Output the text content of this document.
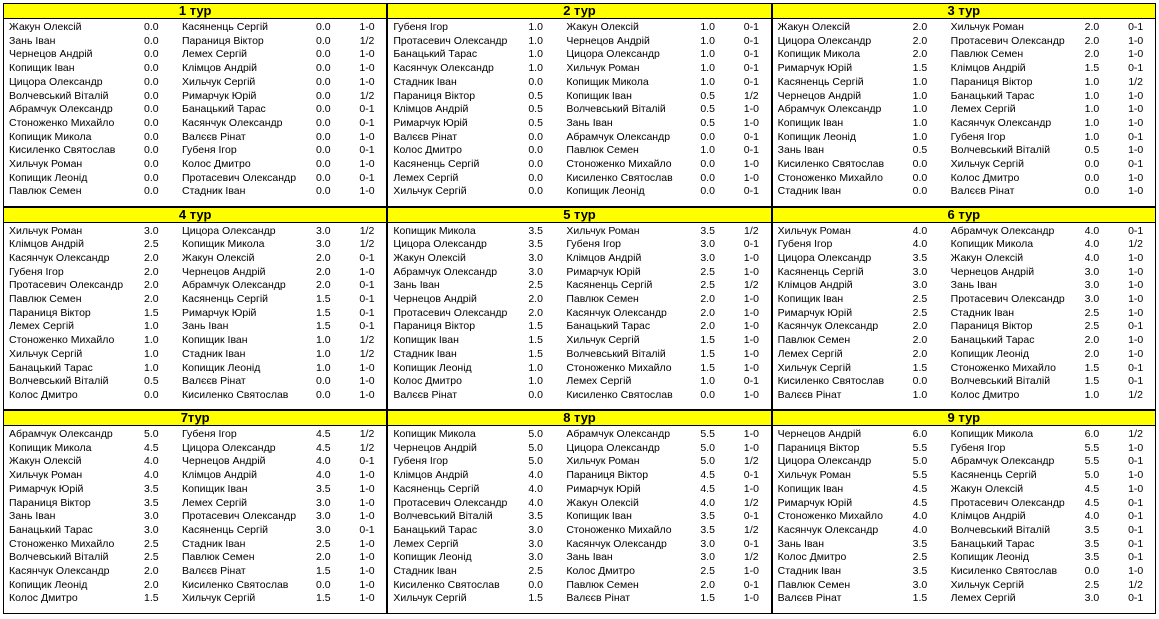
1 тур
Жакун Олексій	0.0	Касяненць Сергій	0.0	1-0
Зань Іван	0.0	Параниця Віктор	0.0	1/2
Чернецов Андрій	0.0	Лемех Сергій	0.0	1-0
Копищик Іван	0.0	Клімцов Андрій	0.0	1-0
Цицора Олександр	0.0	Хильчук Сергій	0.0	1-0
Волчевський Віталій	0.0	Римарчук Юрій	0.0	1/2
Абрамчук Олександр	0.0	Банацький Тарас	0.0	0-1
Стоноженко Михайло	0.0	Касянчук Олександр	0.0	0-1
Копищик Микола	0.0	Валєєв Рінат	0.0	1-0
Кисиленко Святослав	0.0	Губеня Ігор	0.0	0-1
Хильчук Роман	0.0	Колос Дмитро	0.0	1-0
Копищик Леонід	0.0	Протасевич Олександр	0.0	0-1
Павлюк Семен	0.0	Стадник Іван	0.0	1-0
2 тур
Губеня Ігор	1.0	Жакун Олексій	1.0	0-1
Протасевич Олександр	1.0	Чернецов Андрій	1.0	0-1
Банацький Тарас	1.0	Цицора Олександр	1.0	0-1
Касянчук Олександр	1.0	Хильчук Роман	1.0	0-1
Стадник Іван	0.0	Копищик Микола	1.0	0-1
Параниця Віктор	0.5	Копищик Іван	0.5	1/2
Клімцов Андрій	0.5	Волчевський Віталій	0.5	1-0
Римарчук Юрій	0.5	Зань Іван	0.5	1-0
Валєєв Рінат	0.0	Абрамчук Олександр	0.0	0-1
Колос Дмитро	0.0	Павлюк Семен	1.0	0-1
Касяненць Сергій	0.0	Стоноженко Михайло	0.0	1-0
Лемех Сергій	0.0	Кисиленко Святослав	0.0	1-0
Хильчук Сергій	0.0	Копищик Леонід	0.0	0-1
3 тур
Жакун Олексій	2.0	Хильчук Роман	2.0	0-1
Цицора Олександр	2.0	Протасевич Олександр	2.0	1-0
Копищик Микола	2.0	Павлюк Семен	2.0	1-0
Римарчук Юрій	1.5	Клімцов Андрій	1.5	0-1
Касяненць Сергій	1.0	Параниця Віктор	1.0	1/2
Чернецов Андрій	1.0	Банацький Тарас	1.0	1-0
Абрамчук Олександр	1.0	Лемех Сергій	1.0	1-0
Копищик Іван	1.0	Касянчук Олександр	1.0	1-0
Копищик Леонід	1.0	Губеня Ігор	1.0	0-1
Зань Іван	0.5	Волчевський Віталій	0.5	1-0
Кисиленко Святослав	0.0	Хильчук Сергій	0.0	0-1
Стоноженко Михайло	0.0	Колос Дмитро	0.0	1-0
Стадник Іван	0.0	Валєєв Рінат	0.0	1-0
4 тур
Хильчук Роман	3.0	Цицора Олександр	3.0	1/2
Клімцов Андрій	2.5	Копищик Микола	3.0	1/2
Касянчук Олександр	2.0	Жакун Олексій	2.0	0-1
Губеня Ігор	2.0	Чернецов Андрій	2.0	1-0
Протасевич Олександр	2.0	Абрамчук Олександр	2.0	0-1
Павлюк Семен	2.0	Касяненць Сергій	1.5	0-1
Параниця Віктор	1.5	Римарчук Юрій	1.5	0-1
Лемех Сергій	1.0	Зань Іван	1.5	0-1
Стоноженко Михайло	1.0	Копищик Іван	1.0	1/2
Хильчук Сергій	1.0	Стадник Іван	1.0	1/2
Банацький Тарас	1.0	Копищик Леонід	1.0	1-0
Волчевський Віталій	0.5	Валєєв Рінат	0.0	1-0
Колос Дмитро	0.0	Кисиленко Святослав	0.0	1-0
5 тур
Копищик Микола	3.5	Хильчук Роман	3.5	1/2
Цицора Олександр	3.5	Губеня Ігор	3.0	0-1
Жакун Олексій	3.0	Клімцов Андрій	3.0	1-0
Абрамчук Олександр	3.0	Римарчук Юрій	2.5	1-0
Зань Іван	2.5	Касяненць Сергій	2.5	1/2
Чернецов Андрій	2.0	Павлюк Семен	2.0	1-0
Протасевич Олександр	2.0	Касянчук Олександр	2.0	1-0
Параниця Віктор	1.5	Банацький Тарас	2.0	1-0
Копищик Іван	1.5	Хильчук Сергій	1.5	1-0
Стадник Іван	1.5	Волчевський Віталій	1.5	1-0
Копищик Леонід	1.0	Стоноженко Михайло	1.5	1-0
Колос Дмитро	1.0	Лемех Сергій	1.0	0-1
Валєєв Рінат	0.0	Кисиленко Святослав	0.0	1-0
6 тур
Хильчук Роман	4.0	Абрамчук Олександр	4.0	0-1
Губеня Ігор	4.0	Копищик Микола	4.0	1/2
Цицора Олександр	3.5	Жакун Олексій	4.0	1-0
Касяненць Сергій	3.0	Чернецов Андрій	3.0	1-0
Клімцов Андрій	3.0	Зань Іван	3.0	1-0
Копищик Іван	2.5	Протасевич Олександр	3.0	1-0
Римарчук Юрій	2.5	Стадник Іван	2.5	1-0
Касянчук Олександр	2.0	Параниця Віктор	2.5	0-1
Павлюк Семен	2.0	Банацький Тарас	2.0	1-0
Лемех Сергій	2.0	Копищик Леонід	2.0	1-0
Хильчук Сергій	1.5	Стоноженко Михайло	1.5	0-1
Кисиленко Святослав	0.0	Волчевський Віталій	1.5	0-1
Валєєв Рінат	1.0	Колос Дмитро	1.0	1/2
7тур
Абрамчук Олександр	5.0	Губеня Ігор	4.5	1/2
Копищик Микола	4.5	Цицора Олександр	4.5	1/2
Жакун Олексій	4.0	Чернецов Андрій	4.0	0-1
Хильчук Роман	4.0	Клімцов Андрій	4.0	1-0
Римарчук Юрій	3.5	Копищик Іван	3.5	1-0
Параниця Віктор	3.5	Лемех Сергій	3.0	1-0
Зань Іван	3.0	Протасевич Олександр	3.0	1-0
Банацький Тарас	3.0	Касяненць Сергій	3.0	0-1
Стоноженко Михайло	2.5	Стадник Іван	2.5	1-0
Волчевський Віталій	2.5	Павлюк Семен	2.0	1-0
Касянчук Олександр	2.0	Валєєв Рінат	1.5	1-0
Копищик Леонід	2.0	Кисиленко Святослав	0.0	1-0
Колос Дмитро	1.5	Хильчук Сергій	1.5	1-0
8 тур
Копищик Микола	5.0	Абрамчук Олександр	5.5	1-0
Чернецов Андрій	5.0	Цицора Олександр	5.0	1-0
Губеня Ігор	5.0	Хильчук Роман	5.0	1/2
Клімцов Андрій	4.0	Параниця Віктор	4.5	0-1
Касяненць Сергій	4.0	Римарчук Юрій	4.5	1-0
Протасевич Олександр	4.0	Жакун Олексій	4.0	1/2
Волчевський Віталій	3.5	Копищик Іван	3.5	0-1
Банацький Тарас	3.0	Стоноженко Михайло	3.5	1/2
Лемех Сергій	3.0	Касянчук Олександр	3.0	0-1
Копищик Леонід	3.0	Зань Іван	3.0	1/2
Стадник Іван	2.5	Колос Дмитро	2.5	1-0
Кисиленко Святослав	0.0	Павлюк Семен	2.0	0-1
Хильчук Сергій	1.5	Валєєв Рінат	1.5	1-0
9 тур
Чернецов Андрій	6.0	Копищик Микола	6.0	1/2
Параниця Віктор	5.5	Губеня Ігор	5.5	1-0
Цицора Олександр	5.0	Абрамчук Олександр	5.5	0-1
Хильчук Роман	5.5	Касяненць Сергій	5.0	1-0
Копищик Іван	4.5	Жакун Олексій	4.5	1-0
Римарчук Юрій	4.5	Протасевич Олександр	4.5	0-1
Стоноженко Михайло	4.0	Клімцов Андрій	4.0	0-1
Касянчук Олександр	4.0	Волчевський Віталій	3.5	0-1
Зань Іван	3.5	Банацький Тарас	3.5	0-1
Колос Дмитро	2.5	Копищик Леонід	3.5	0-1
Стадник Іван	3.5	Кисиленко Святослав	0.0	1-0
Павлюк Семен	3.0	Хильчук Сергій	2.5	1/2
Валєєв Рінат	1.5	Лемех Сергій	3.0	0-1
